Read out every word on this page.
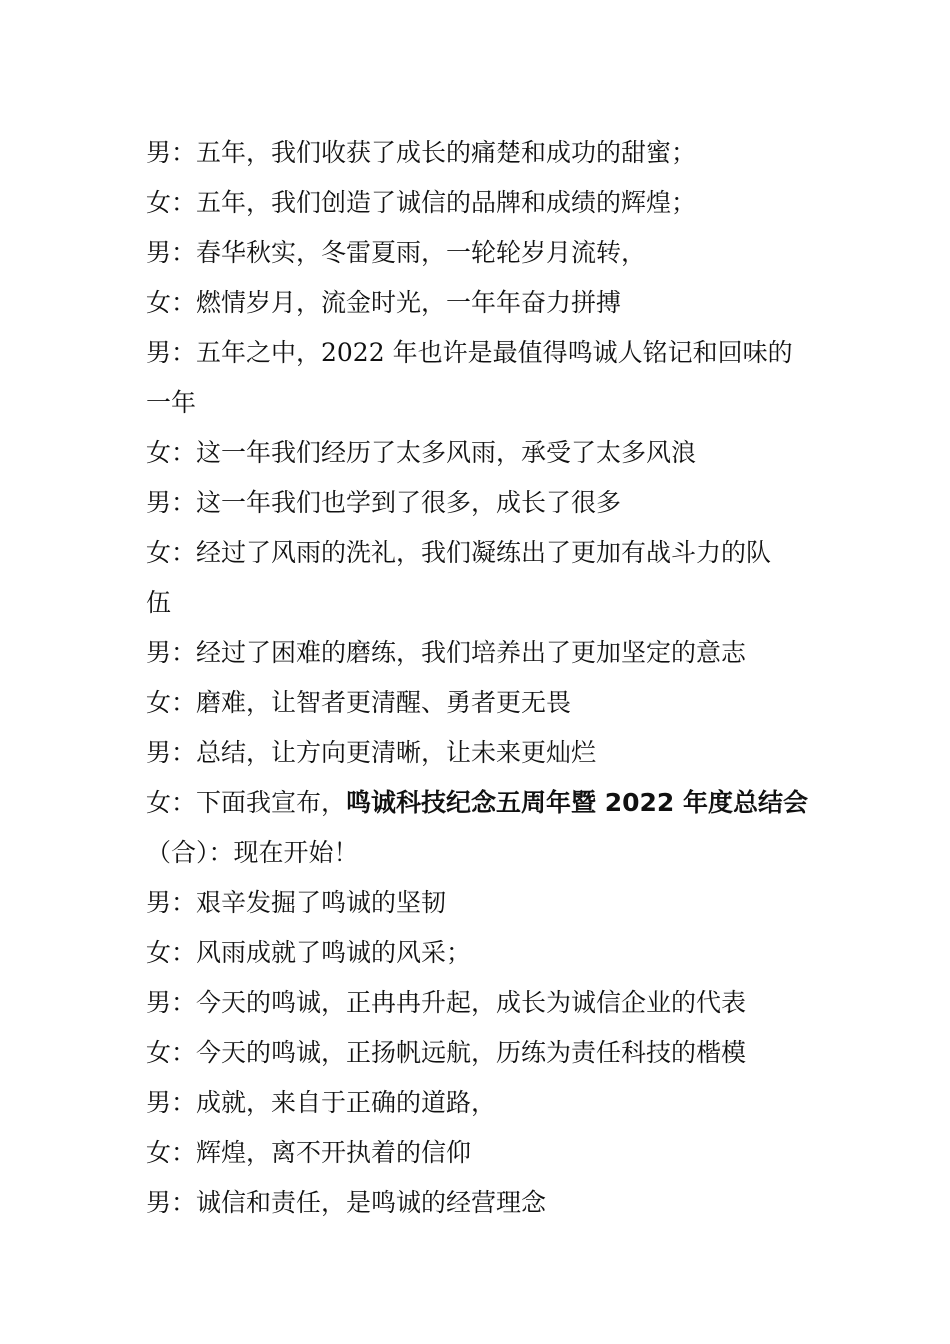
男：五年，我们收获了成长的痛楚和成功的甜蜜；
女：五年，我们创造了诚信的品牌和成绩的辉煌；
男：春华秋实，冬雷夏雨，一轮轮岁月流转，
女：燃情岁月，流金时光，一年年奋力拼搏
男：五年之中，2022 年也许是最值得鸣诚人铭记和回味的
一年
女：这一年我们经历了太多风雨，承受了太多风浪
男：这一年我们也学到了很多，成长了很多
女：经过了风雨的洗礼，我们凝练出了更加有战斗力的队
伍
男：经过了困难的磨练，我们培养出了更加坚定的意志
女：磨难，让智者更清醒、勇者更无畏
男：总结，让方向更清晰，让未来更灿烂
女：下面我宣布，鸣诚科技纪念五周年暨 2022 年度总结会
（合）：现在开始！
男：艰辛发掘了鸣诚的坚韧
女：风雨成就了鸣诚的风采；
男：今天的鸣诚，正冉冉升起，成长为诚信企业的代表
女：今天的鸣诚，正扬帆远航，历练为责任科技的楷模
男：成就，来自于正确的道路，
女：辉煌，离不开执着的信仰
男：诚信和责任，是鸣诚的经营理念
